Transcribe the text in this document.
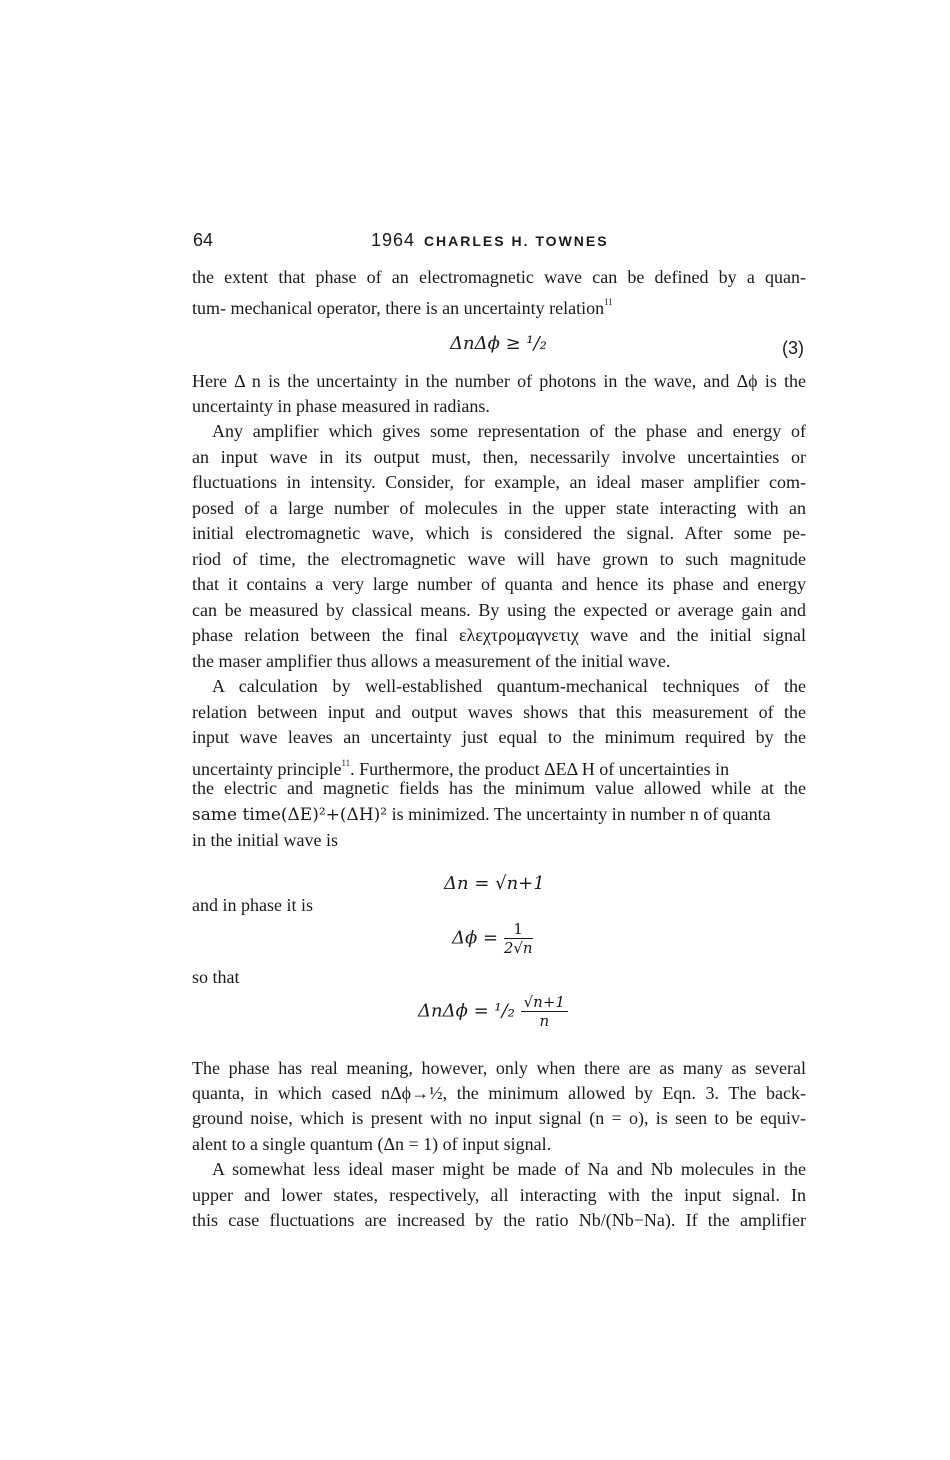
64	1964 CHARLES H. TOWNES
the extent that phase of an electromagnetic wave can be defined by a quan-
tum- mechanical operator, there is an uncertainty relation$^{11}$
ΔnΔϕ ≥ ¹/₂	(3)
Here Δ n is the uncertainty in the number of photons in the wave, and Δϕ is the
uncertainty in phase measured in radians.
Any amplifier which gives some representation of the phase and energy of
an input wave in its output must, then, necessarily involve uncertainties or
fluctuations in intensity. Consider, for example, an ideal maser amplifier com-
posed of a large number of molecules in the upper state interacting with an
initial electromagnetic wave, which is considered the signal. After some pe-
riod of time, the electromagnetic wave will have grown to such magnitude
that it contains a very large number of quanta and hence its phase and energy
can be measured by classical means. By using the expected or average gain and
phase relation between the final ελεχτρομαγνετιχ wave and the initial signal
the maser amplifier thus allows a measurement of the initial wave.
A calculation by well-established quantum-mechanical techniques of the
relation between input and output waves shows that this measurement of the
input wave leaves an uncertainty just equal to the minimum required by the
uncertainty principle$^{11}$. Furthermore, the product ΔEΔ H of uncertainties in
the electric and magnetic fields has the minimum value allowed while at the
same time(ΔE)²+(ΔH)² is minimized. The uncertainty in number n of quanta
in the initial wave is
Δn = √n+1
and in phase it is
$\Delta\phi = \frac{1}{2√n}$
so that
$\Delta n\Delta\phi = ^1/_2 \frac{√n+1}{n}$
The phase has real meaning, however, only when there are as many as several
quanta, in which cased nΔϕ→½, the minimum allowed by Eqn. 3. The back-
ground noise, which is present with no input signal (n = o), is seen to be equiv-
alent to a single quantum (Δn = 1) of input signal.
A somewhat less ideal maser might be made of Na and Nb molecules in the
upper and lower states, respectively, all interacting with the input signal. In
this case fluctuations are increased by the ratio Nb/(Nb−Na). If the amplifier
